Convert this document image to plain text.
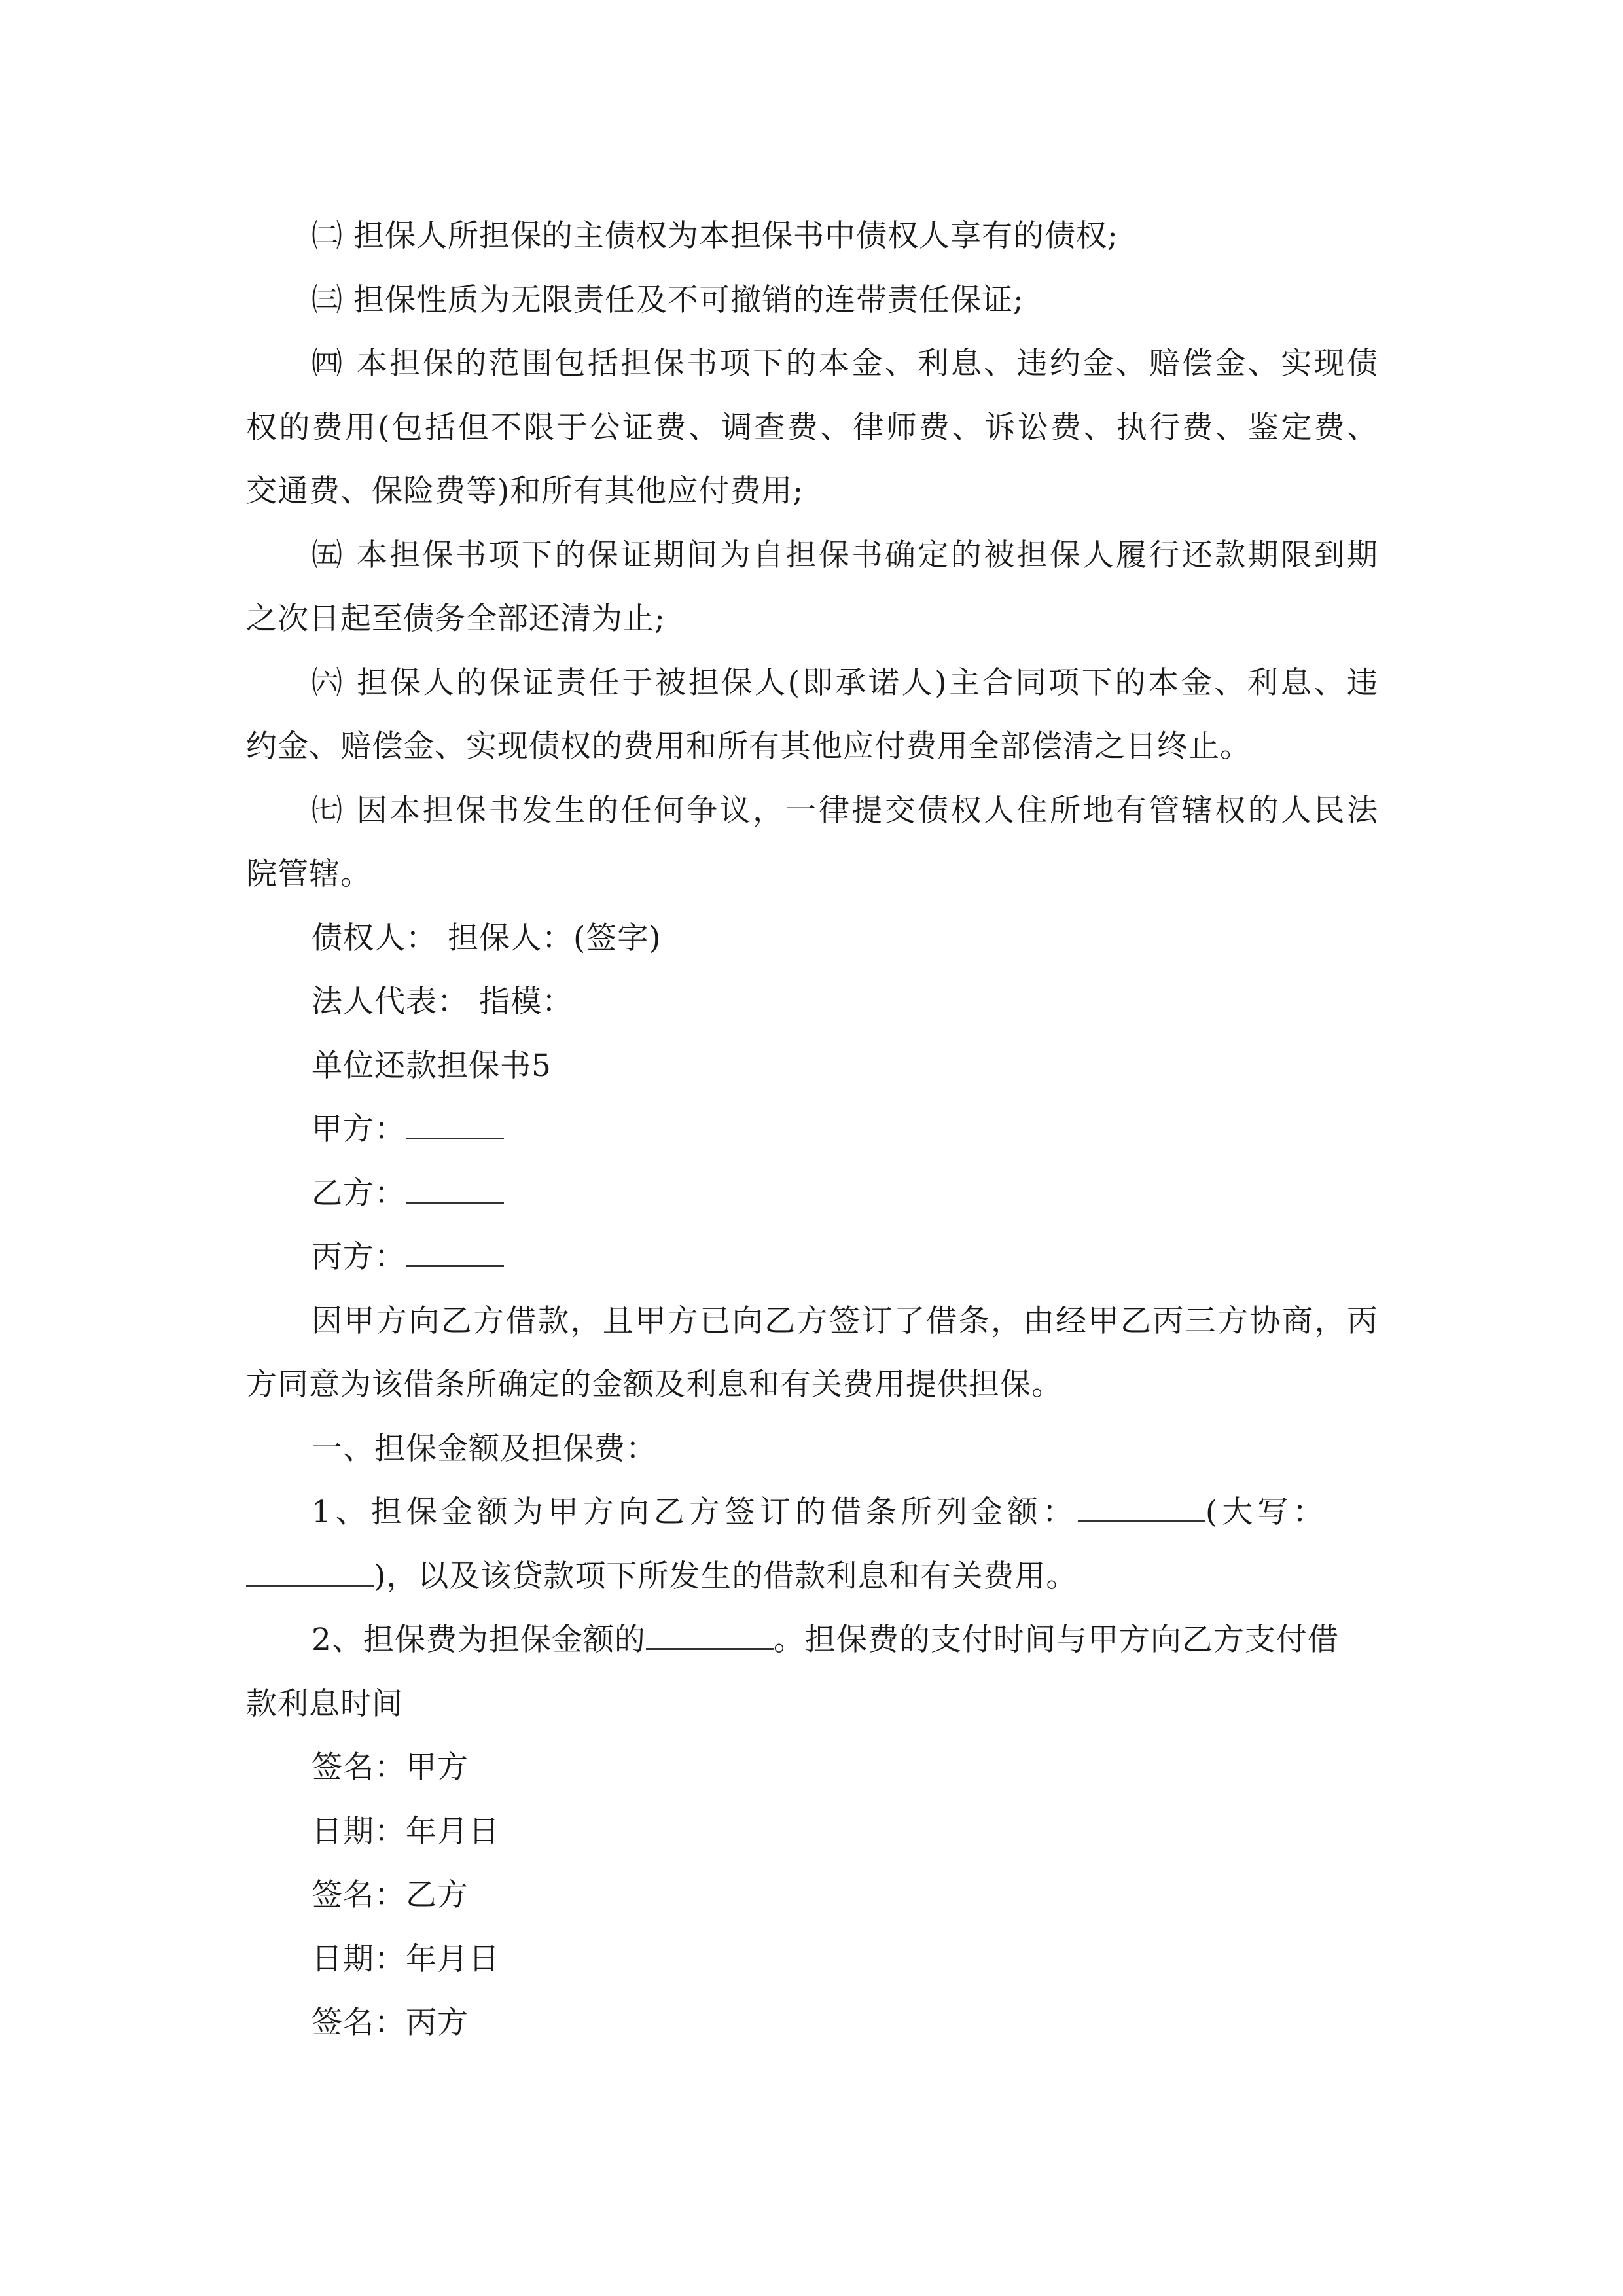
㈡ 担保人所担保的主债权为本担保书中债权人享有的债权;
㈢ 担保性质为无限责任及不可撤销的连带责任保证;
㈣ 本担保的范围包括担保书项下的本金、利息、违约金、赔偿金、实现债
权的费用(包括但不限于公证费、调查费、律师费、诉讼费、执行费、鉴定费、
交通费、保险费等)和所有其他应付费用;
㈤ 本担保书项下的保证期间为自担保书确定的被担保人履行还款期限到期
之次日起至债务全部还清为止;
㈥ 担保人的保证责任于被担保人(即承诺人)主合同项下的本金、利息、违
约金、赔偿金、实现债权的费用和所有其他应付费用全部偿清之日终止。
㈦ 因本担保书发生的任何争议，一律提交债权人住所地有管辖权的人民法
院管辖。
债权人： 担保人：(签字)
法人代表： 指模：
单位还款担保书5
甲方：
乙方：
丙方：
因甲方向乙方借款，且甲方已向乙方签订了借条，由经甲乙丙三方协商，丙
方同意为该借条所确定的金额及利息和有关费用提供担保。
一、担保金额及担保费：
1、担保金额为甲方向乙方签订的借条所列金额：	(大写：
)，以及该贷款项下所发生的借款利息和有关费用。
2、担保费为担保金额的	。担保费的支付时间与甲方向乙方支付借
款利息时间
签名：甲方
日期：年月日
签名：乙方
日期：年月日
签名：丙方
